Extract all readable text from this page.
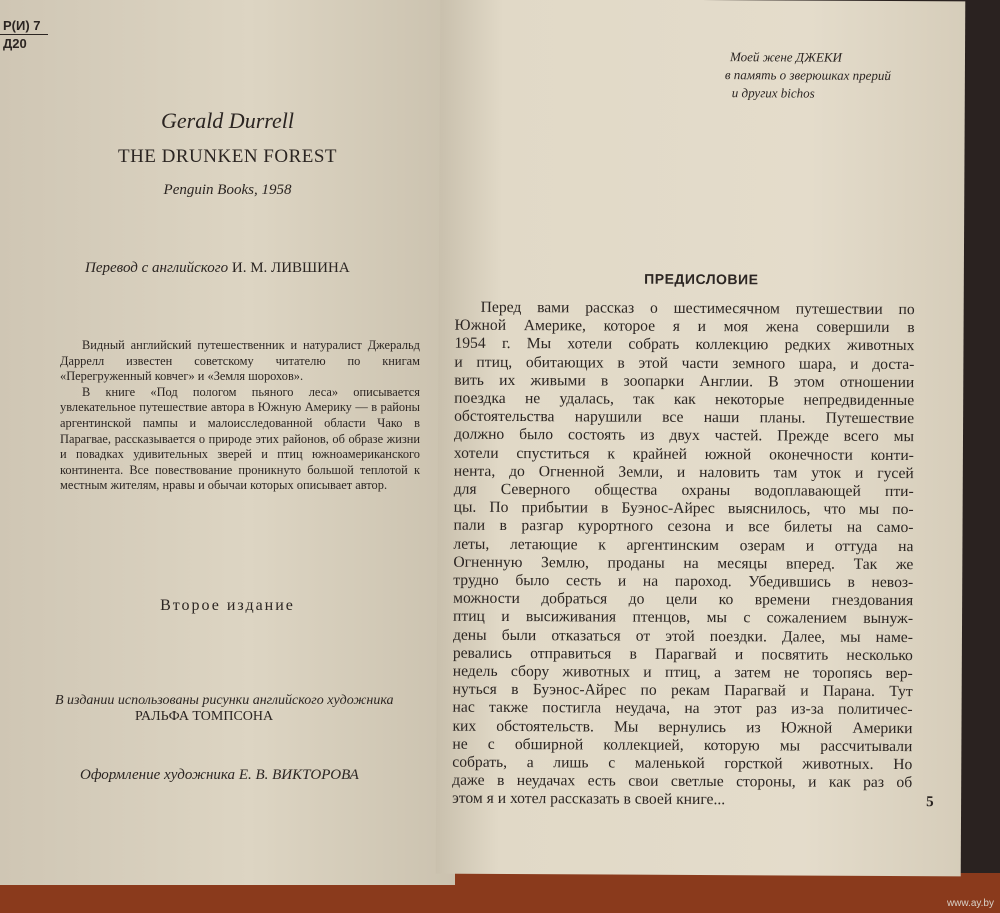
Р(И) 7
Д20
Gerald Durrell
THE DRUNKEN FOREST
Penguin Books, 1958
Перевод с английского И. М. ЛИВШИНА

Видный английский путешественник и натуралист Джеральд Даррелл известен советскому читателю по книгам «Перегруженный ковчег» и «Земля шорохов».

В книге «Под пологом пьяного леса» описывается увлекательное путешествие автора в Южную Америку — в районы аргентинской пампы и малоисследованной области Чако в Парагвае, рассказывается о природе этих районов, об образе жизни и повадках удивительных зверей и птиц южноамериканского континента. Все повествование проникнуто большой теплотой к местным жителям, нравы и обычаи которых описывает автор.

Второе издание
В издании использованы рисунки английского художника
РАЛЬФА ТОМПСОНА
Оформление художника Е. В. ВИКТОРОВА
Моей жене ДЖЕКИ
в память о зверюшках прерий
и других bichos
ПРЕДИСЛОВИЕ
Перед вами рассказ о шестимесячном путешествии по
Южной Америке, которое я и моя жена совершили в
1954 г. Мы хотели собрать коллекцию редких животных
и птиц, обитающих в этой части земного шара, и доста-
вить их живыми в зоопарки Англии. В этом отношении
поездка не удалась, так как некоторые непредвиденные
обстоятельства нарушили все наши планы. Путешествие
должно было состоять из двух частей. Прежде всего мы
хотели спуститься к крайней южной оконечности конти-
нента, до Огненной Земли, и наловить там уток и гусей
для Северного общества охраны водоплавающей пти-
цы. По прибытии в Буэнос-Айрес выяснилось, что мы по-
пали в разгар курортного сезона и все билеты на само-
леты, летающие к аргентинским озерам и оттуда на
Огненную Землю, проданы на месяцы вперед. Так же
трудно было сесть и на пароход. Убедившись в невоз-
можности добраться до цели ко времени гнездования
птиц и высиживания птенцов, мы с сожалением вынуж-
дены были отказаться от этой поездки. Далее, мы наме-
ревались отправиться в Парагвай и посвятить несколько
недель сбору животных и птиц, а затем не торопясь вер-
нуться в Буэнос-Айрес по рекам Парагвай и Парана. Тут
нас также постигла неудача, на этот раз из-за политичес-
ких обстоятельств. Мы вернулись из Южной Америки
не с обширной коллекцией, которую мы рассчитывали
собрать, а лишь с маленькой горсткой животных. Но
даже в неудачах есть свои светлые стороны, и как раз об
этом я и хотел рассказать в своей книге...	5
www.ay.by
